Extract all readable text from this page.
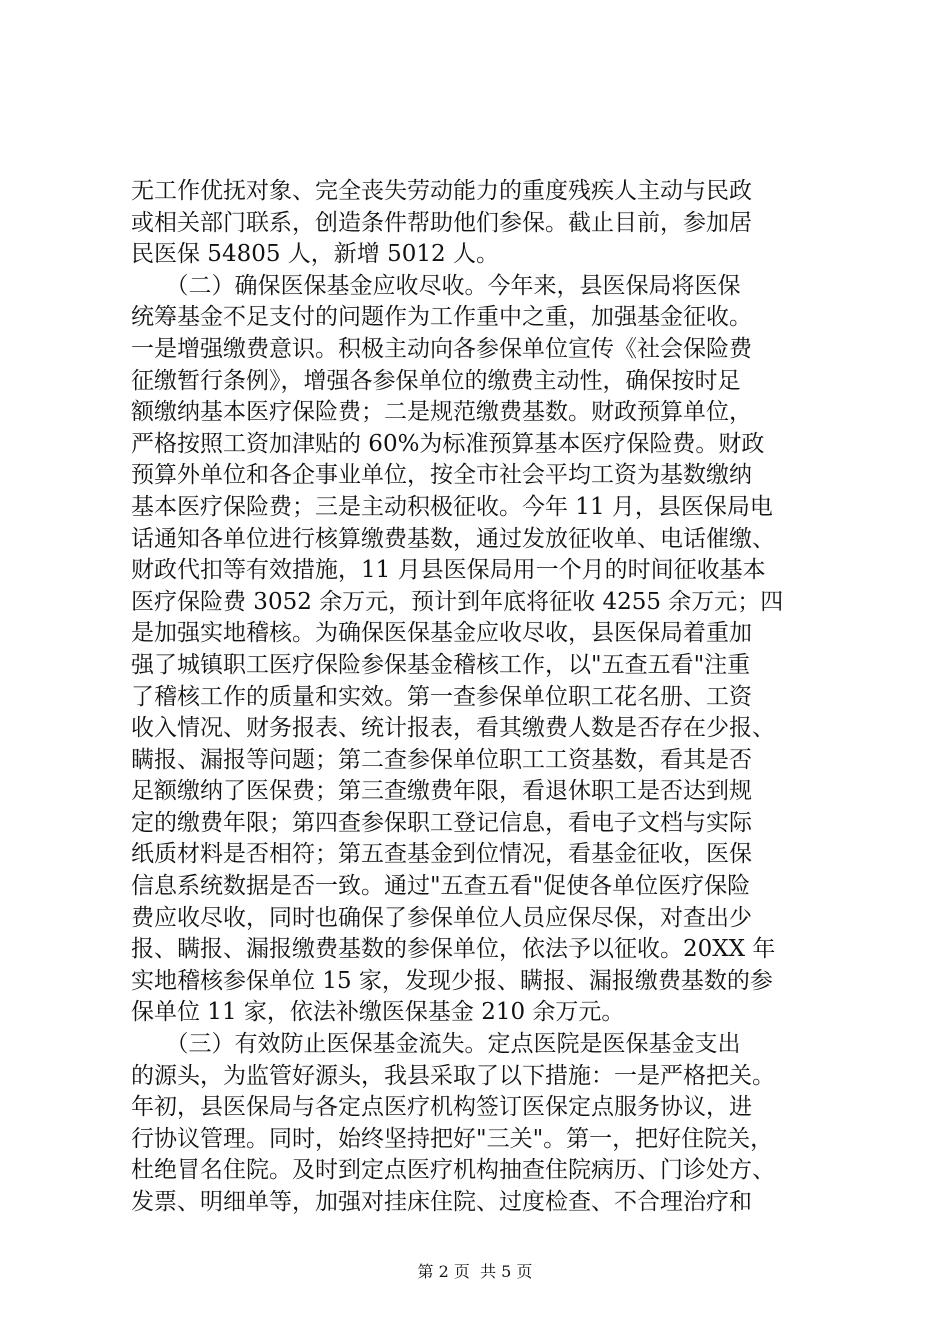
无工作优抚对象、完全丧失劳动能力的重度残疾人主动与民政
或相关部门联系，创造条件帮助他们参保。截止目前，参加居
民医保 54805 人，新增 5012 人。
　　（二）确保医保基金应收尽收。今年来，县医保局将医保
统筹基金不足支付的问题作为工作重中之重，加强基金征收。
一是增强缴费意识。积极主动向各参保单位宣传《社会保险费
征缴暂行条例》，增强各参保单位的缴费主动性，确保按时足
额缴纳基本医疗保险费；二是规范缴费基数。财政预算单位，
严格按照工资加津贴的 60%为标准预算基本医疗保险费。财政
预算外单位和各企事业单位，按全市社会平均工资为基数缴纳
基本医疗保险费；三是主动积极征收。今年 11 月，县医保局电
话通知各单位进行核算缴费基数，通过发放征收单、电话催缴、
财政代扣等有效措施，11 月县医保局用一个月的时间征收基本
医疗保险费 3052 余万元，预计到年底将征收 4255 余万元；四
是加强实地稽核。为确保医保基金应收尽收，县医保局着重加
强了城镇职工医疗保险参保基金稽核工作，以"五查五看"注重
了稽核工作的质量和实效。第一查参保单位职工花名册、工资
收入情况、财务报表、统计报表，看其缴费人数是否存在少报、
瞒报、漏报等问题；第二查参保单位职工工资基数，看其是否
足额缴纳了医保费；第三查缴费年限，看退休职工是否达到规
定的缴费年限；第四查参保职工登记信息，看电子文档与实际
纸质材料是否相符；第五查基金到位情况，看基金征收，医保
信息系统数据是否一致。通过"五查五看"促使各单位医疗保险
费应收尽收，同时也确保了参保单位人员应保尽保，对查出少
报、瞒报、漏报缴费基数的参保单位，依法予以征收。20XX 年
实地稽核参保单位 15 家，发现少报、瞒报、漏报缴费基数的参
保单位 11 家，依法补缴医保基金 210 余万元。
　　（三）有效防止医保基金流失。定点医院是医保基金支出
的源头，为监管好源头，我县采取了以下措施：一是严格把关。
年初，县医保局与各定点医疗机构签订医保定点服务协议，进
行协议管理。同时，始终坚持把好"三关"。第一，把好住院关，
杜绝冒名住院。及时到定点医疗机构抽查住院病历、门诊处方、
发票、明细单等，加强对挂床住院、过度检查、不合理治疗和
第 2 页  共 5 页
